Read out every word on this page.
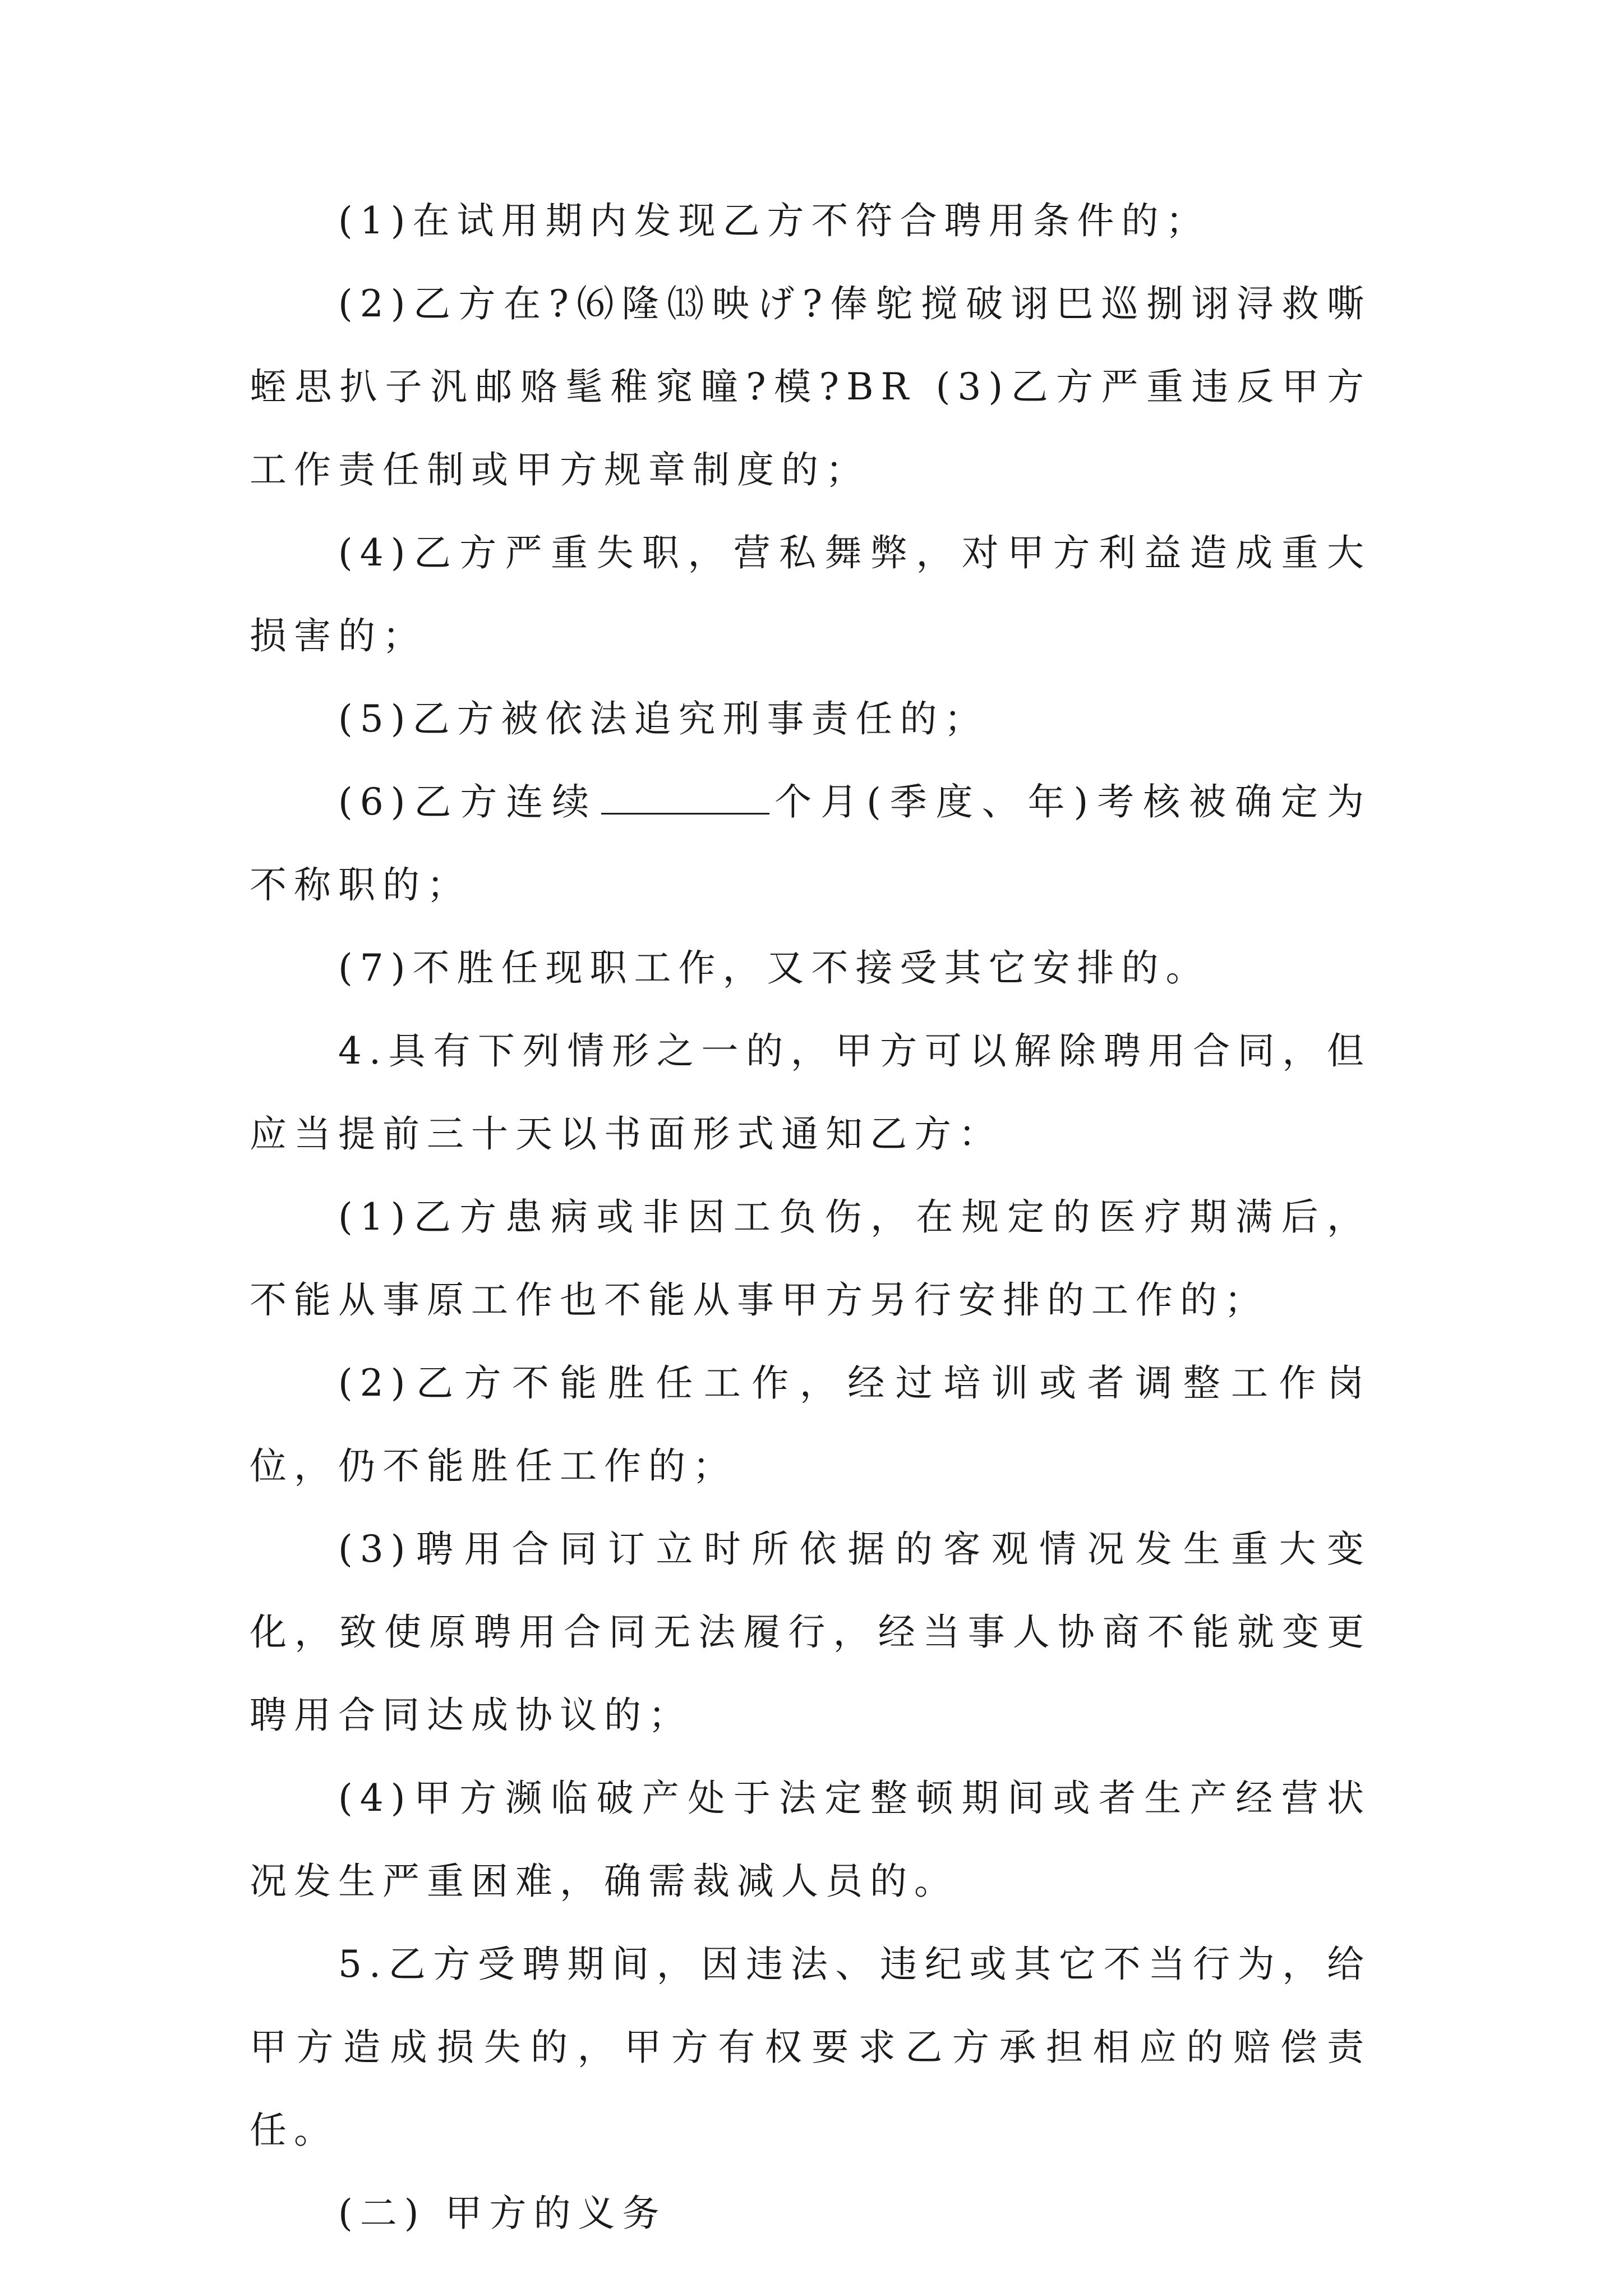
(1)在试用期内发现乙方不符合聘用条件的；

(2)乙方在?⑹隆⒀映げ?俸鸵搅破诩巴巡捌诩浔救嘶蛭思扒子汎邮赂髦稚窕瞳?模?BR (3)乙方严重违反甲方工作责任制或甲方规章制度的；

(4)乙方严重失职，营私舞弊，对甲方利益造成重大损害的；

(5)乙方被依法追究刑事责任的；

(6)乙方连续	个月(季度、年)考核被确定为不称职的；

(7)不胜任现职工作，又不接受其它安排的。

4.具有下列情形之一的，甲方可以解除聘用合同，但应当提前三十天以书面形式通知乙方：

(1)乙方患病或非因工负伤，在规定的医疗期满后，不能从事原工作也不能从事甲方另行安排的工作的；

(2)乙方不能胜任工作，经过培训或者调整工作岗位，仍不能胜任工作的；

(3)聘用合同订立时所依据的客观情况发生重大变化，致使原聘用合同无法履行，经当事人协商不能就变更聘用合同达成协议的；

(4)甲方濒临破产处于法定整顿期间或者生产经营状况发生严重困难，确需裁减人员的。

5.乙方受聘期间，因违法、违纪或其它不当行为，给甲方造成损失的，甲方有权要求乙方承担相应的赔偿责任。

(二) 甲方的义务
